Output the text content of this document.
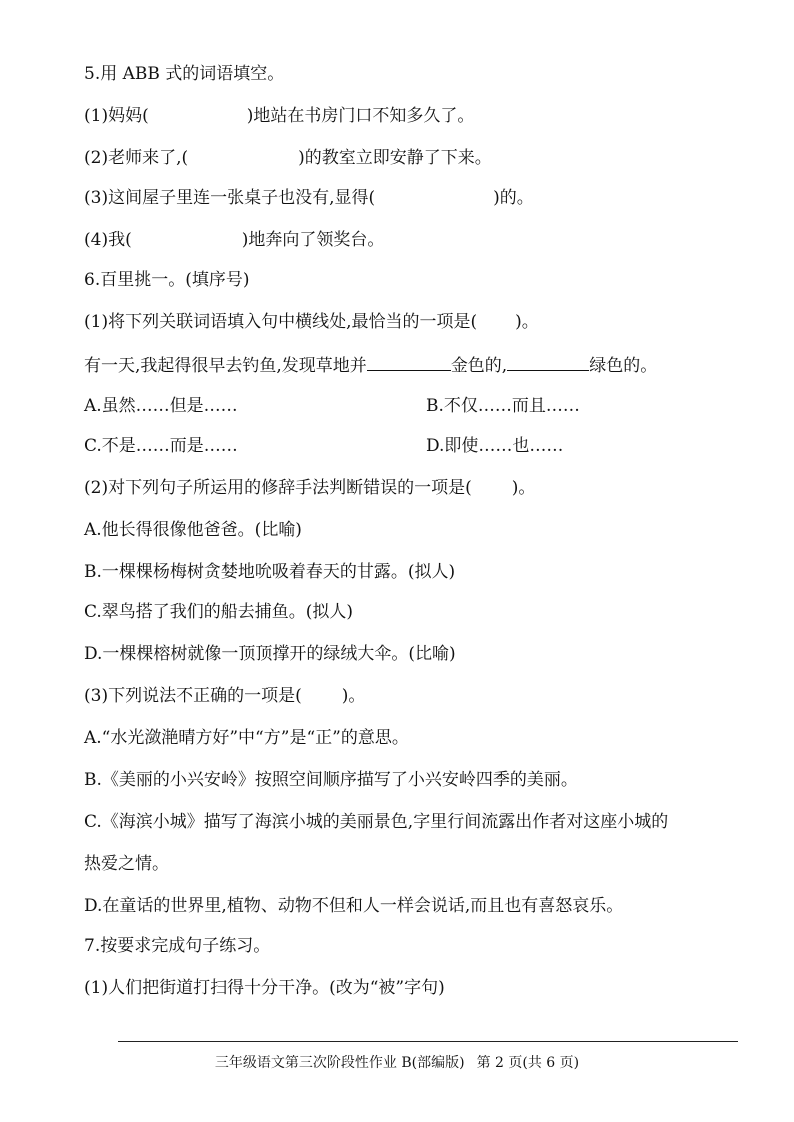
5.用 ABB 式的词语填空。
(1)妈妈(	)地站在书房门口不知多久了。
(2)老师来了,(	)的教室立即安静了下来。
(3)这间屋子里连一张桌子也没有,显得(	)的。
(4)我(	)地奔向了领奖台。
6.百里挑一。(填序号)
(1)将下列关联词语填入句中横线处,最恰当的一项是( )。
有一天,我起得很早去钓鱼,发现草地并	金色的,	绿色的。
A.虽然……但是……	B.不仅……而且……
C.不是……而是……	D.即使……也……
(2)对下列句子所运用的修辞手法判断错误的一项是( )。
A.他长得很像他爸爸。(比喻)
B.一棵棵杨梅树贪婪地吮吸着春天的甘露。(拟人)
C.翠鸟搭了我们的船去捕鱼。(拟人)
D.一棵棵榕树就像一顶顶撑开的绿绒大伞。(比喻)
(3)下列说法不正确的一项是( )。
A.“水光潋滟晴方好”中“方”是“正”的意思。
B.《美丽的小兴安岭》按照空间顺序描写了小兴安岭四季的美丽。
C.《海滨小城》描写了海滨小城的美丽景色,字里行间流露出作者对这座小城的
热爱之情。
D.在童话的世界里,植物、动物不但和人一样会说话,而且也有喜怒哀乐。
7.按要求完成句子练习。
(1)人们把街道打扫得十分干净。(改为“被”字句)
三年级语文第三次阶段性作业 B(部编版) 第 2 页(共 6 页)
